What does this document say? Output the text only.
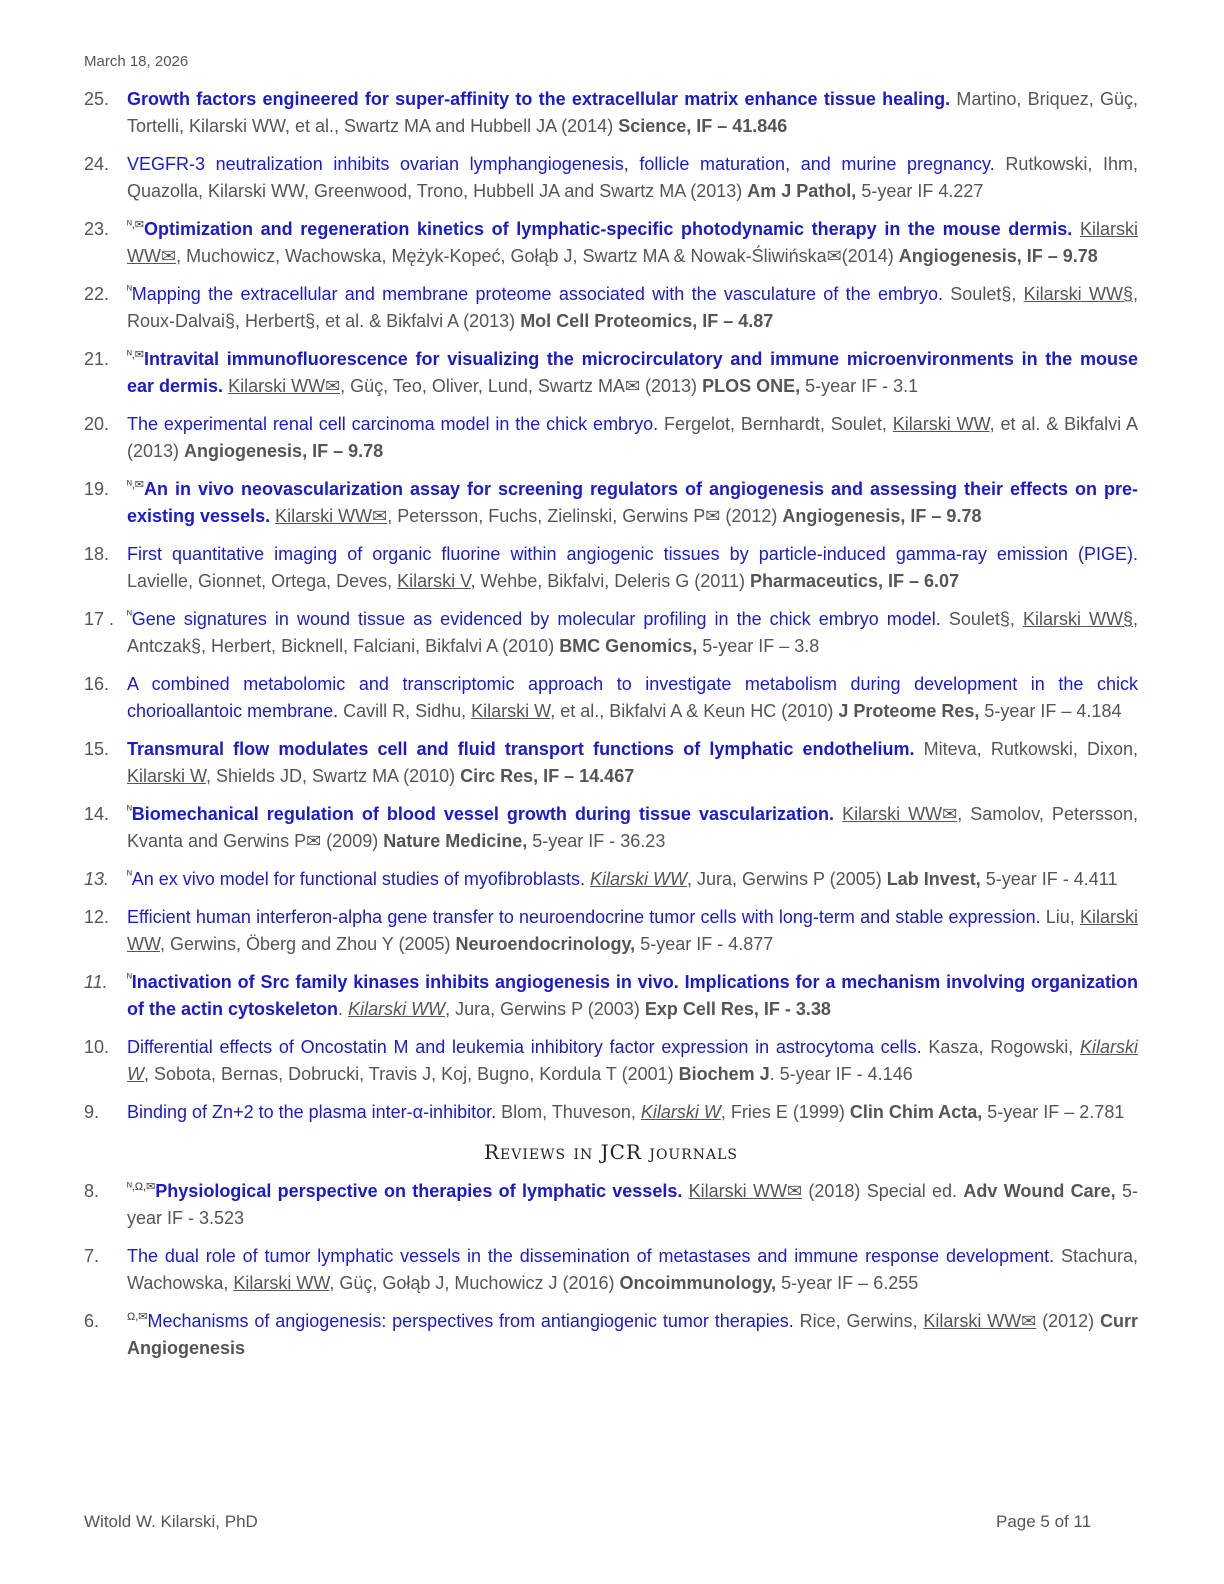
March 18, 2026
25. Growth factors engineered for super-affinity to the extracellular matrix enhance tissue healing. Martino, Briquez, Güç, Tortelli, Kilarski WW, et al., Swartz MA and Hubbell JA (2014) Science, IF – 41.846
24. VEGFR-3 neutralization inhibits ovarian lymphangiogenesis, follicle maturation, and murine pregnancy. Rutkowski, Ihm, Quazolla, Kilarski WW, Greenwood, Trono, Hubbell JA and Swartz MA (2013) Am J Pathol, 5-year IF 4.227
23. $^{ᴺ,✉}$Optimization and regeneration kinetics of lymphatic-specific photodynamic therapy in the mouse dermis. Kilarski WW✉, Muchowicz, Wachowska, Mężyk-Kopeć, Gołąb J, Swartz MA & Nowak-Śliwińska✉(2014) Angiogenesis, IF – 9.78
22. $^ᴺ$Mapping the extracellular and membrane proteome associated with the vasculature of the embryo. Soulet§, Kilarski WW§, Roux-Dalvai§, Herbert§, et al. & Bikfalvi A (2013) Mol Cell Proteomics, IF – 4.87
21. $^{ᴺ,✉}$Intravital immunofluorescence for visualizing the microcirculatory and immune microenvironments in the mouse ear dermis. Kilarski WW✉, Güç, Teo, Oliver, Lund, Swartz MA✉ (2013) PLOS ONE, 5-year IF - 3.1
20. The experimental renal cell carcinoma model in the chick embryo. Fergelot, Bernhardt, Soulet, Kilarski WW, et al. & Bikfalvi A (2013) Angiogenesis, IF – 9.78
19. $^{ᴺ,✉}$An in vivo neovascularization assay for screening regulators of angiogenesis and assessing their effects on pre-existing vessels. Kilarski WW✉, Petersson, Fuchs, Zielinski, Gerwins P✉ (2012) Angiogenesis, IF – 9.78
18. First quantitative imaging of organic fluorine within angiogenic tissues by particle-induced gamma-ray emission (PIGE). Lavielle, Gionnet, Ortega, Deves, Kilarski V, Wehbe, Bikfalvi, Deleris G (2011) Pharmaceutics, IF – 6.07
17 . $^ᴺ$Gene signatures in wound tissue as evidenced by molecular profiling in the chick embryo model. Soulet§, Kilarski WW§, Antczak§, Herbert, Bicknell, Falciani, Bikfalvi A (2010) BMC Genomics, 5-year IF – 3.8
16. A combined metabolomic and transcriptomic approach to investigate metabolism during development in the chick chorioallantoic membrane. Cavill R, Sidhu, Kilarski W, et al., Bikfalvi A & Keun HC (2010) J Proteome Res, 5-year IF – 4.184
15. Transmural flow modulates cell and fluid transport functions of lymphatic endothelium. Miteva, Rutkowski, Dixon, Kilarski W, Shields JD, Swartz MA (2010) Circ Res, IF – 14.467
14. $^ᴺ$Biomechanical regulation of blood vessel growth during tissue vascularization. Kilarski WW✉, Samolov, Petersson, Kvanta and Gerwins P✉ (2009) Nature Medicine, 5-year IF - 36.23
13. $^ᴺ$An ex vivo model for functional studies of myofibroblasts. Kilarski WW, Jura, Gerwins P (2005) Lab Invest, 5-year IF - 4.411
12. Efficient human interferon-alpha gene transfer to neuroendocrine tumor cells with long-term and stable expression. Liu, Kilarski WW, Gerwins, Öberg and Zhou Y (2005) Neuroendocrinology, 5-year IF - 4.877
11. $^ᴺ$Inactivation of Src family kinases inhibits angiogenesis in vivo. Implications for a mechanism involving organization of the actin cytoskeleton. Kilarski WW, Jura, Gerwins P (2003) Exp Cell Res, IF - 3.38
10. Differential effects of Oncostatin M and leukemia inhibitory factor expression in astrocytoma cells. Kasza, Rogowski, Kilarski W, Sobota, Bernas, Dobrucki, Travis J, Koj, Bugno, Kordula T (2001) Biochem J. 5-year IF - 4.146
9. Binding of Zn+2 to the plasma inter-α-inhibitor. Blom, Thuveson, Kilarski W, Fries E (1999) Clin Chim Acta, 5-year IF – 2.781
Reviews in JCR journals
8.	$^{ᴺ,\Omega,✉}$Physiological perspective on therapies of lymphatic vessels. Kilarski WW✉ (2018) Special ed. Adv Wound Care, 5-year IF - 3.523
7. The dual role of tumor lymphatic vessels in the dissemination of metastases and immune response development. Stachura, Wachowska, Kilarski WW, Güç, Gołąb J, Muchowicz J (2016) Oncoimmunology, 5-year IF – 6.255
6.	$^{\Omega,✉}$Mechanisms of angiogenesis: perspectives from antiangiogenic tumor therapies. Rice, Gerwins, Kilarski WW✉ (2012) Curr Angiogenesis
Witold W. Kilarski, PhD	Page 5 of 11
